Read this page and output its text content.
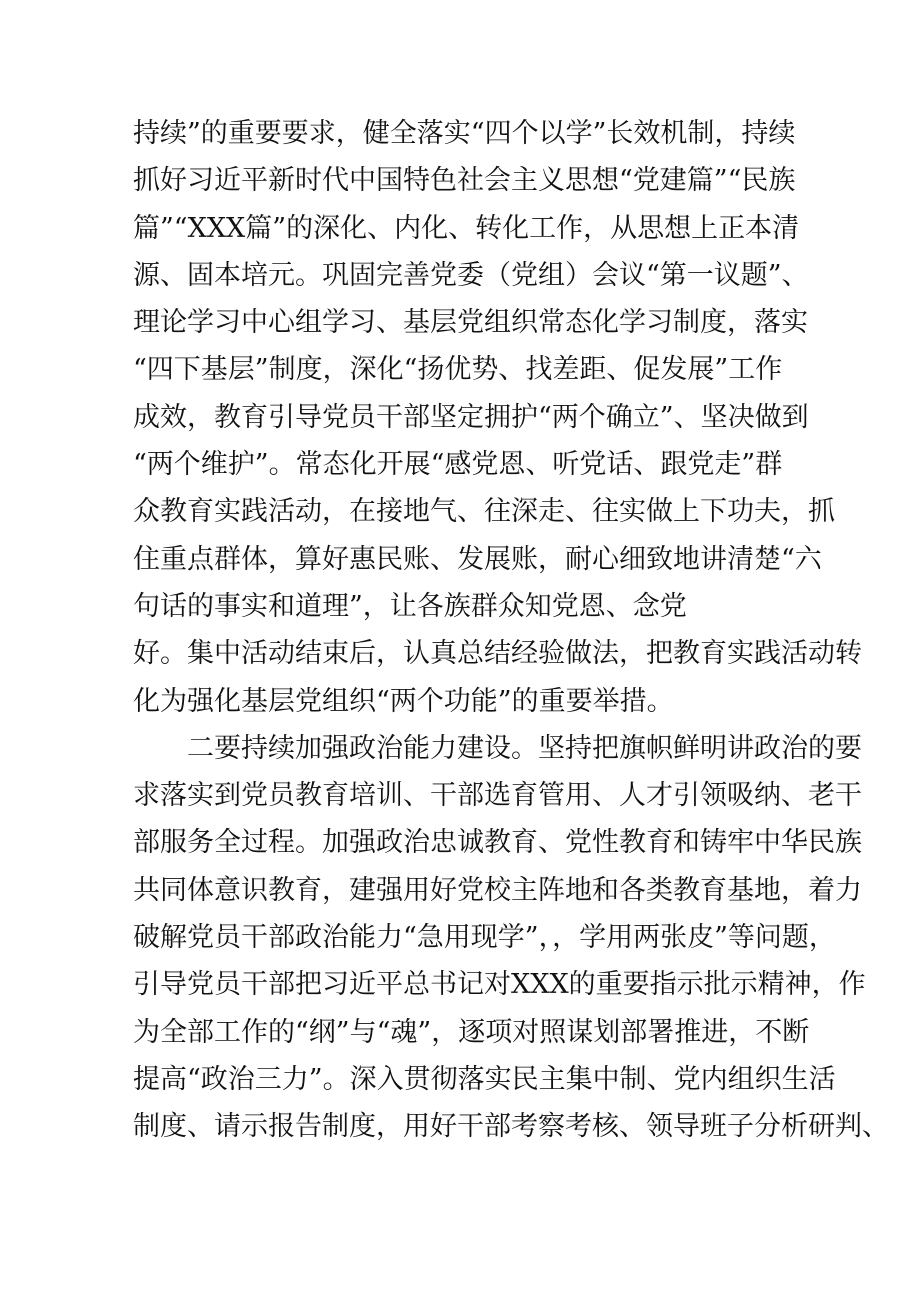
持续”的重要要求，健全落实“四个以学”长效机制，持续
抓好习近平新时代中国特色社会主义思想“党建篇”“民族
篇”“XXX篇”的深化、内化、转化工作，从思想上正本清
源、固本培元。巩固完善党委（党组）会议“第一议题”、
理论学习中心组学习、基层党组织常态化学习制度，落实
“四下基层”制度，深化“扬优势、找差距、促发展”工作
成效，教育引导党员干部坚定拥护“两个确立”、坚决做到
“两个维护”。常态化开展“感党恩、听党话、跟党走”群
众教育实践活动，在接地气、往深走、往实做上下功夫，抓
住重点群体，算好惠民账、发展账，耐心细致地讲清楚“六
句话的事实和道理”，让各族群众知党恩、念党
好。集中活动结束后，认真总结经验做法，把教育实践活动转
化为强化基层党组织“两个功能”的重要举措。
二要持续加强政治能力建设。坚持把旗帜鲜明讲政治的要
求落实到党员教育培训、干部选育管用、人才引领吸纳、老干
部服务全过程。加强政治忠诚教育、党性教育和铸牢中华民族
共同体意识教育，建强用好党校主阵地和各类教育基地，着力
破解党员干部政治能力“急用现学”，，学用两张皮”等问题，
引导党员干部把习近平总书记对XXX的重要指示批示精神，作
为全部工作的“纲”与“魂”，逐项对照谋划部署推进，不断
提高“政治三力”。深入贯彻落实民主集中制、党内组织生活
制度、请示报告制度，用好干部考察考核、领导班子分析研判、
